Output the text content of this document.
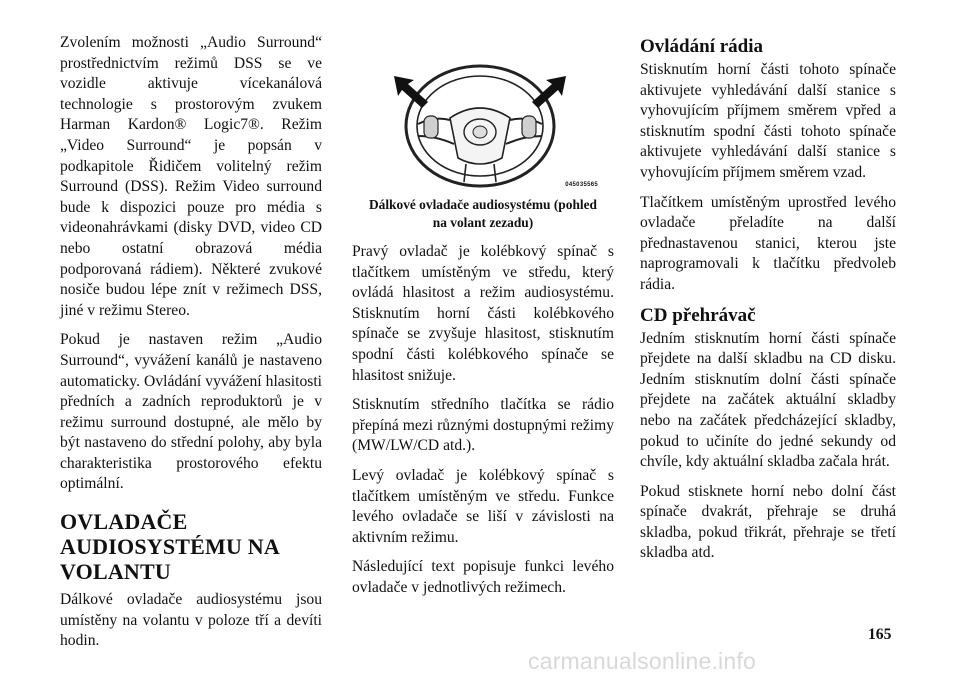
Zvolením možnosti „Audio Surround“ prostřednictvím režimů DSS se ve vozidle aktivuje vícekanálová technologie s prostorovým zvukem Harman Kardon® Logic7®. Režim „Video Surround“ je popsán v podkapitole Řidičem volitelný režim Surround (DSS). Režim Video surround bude k dispozici pouze pro média s videonahrávkami (disky DVD, video CD nebo ostatní obrazová média podporovaná rádiem). Některé zvukové nosiče budou lépe znít v režimech DSS, jiné v režimu Stereo.

Pokud je nastaven režim „Audio Surround“, vyvážení kanálů je nastaveno automaticky. Ovládání vyvážení hlasitosti předních a zadních reproduktorů je v režimu surround dostupné, ale mělo by být nastaveno do střední polohy, aby byla charakteristika prostorového efektu optimální.

OVLADAČE
AUDIOSYSTÉMU NA
VOLANTU

Dálkové ovladače audiosystému jsou umístěny na volantu v poloze tří a devíti hodin.

045035565
Dálkové ovladače audiosystému (pohled
na volant zezadu)

Pravý ovladač je kolébkový spínač s tlačítkem umístěným ve středu, který ovládá hlasitost a režim audiosystému. Stisknutím horní části kolébkového spínače se zvyšuje hlasitost, stisknutím spodní části kolébkového spínače se hlasitost snižuje.

Stisknutím středního tlačítka se rádio přepíná mezi různými dostupnými režimy (MW/LW/CD atd.).

Levý ovladač je kolébkový spínač s tlačítkem umístěným ve středu. Funkce levého ovladače se liší v závislosti na aktivním režimu.

Následující text popisuje funkci levého ovladače v jednotlivých režimech.

Ovládání rádia

Stisknutím horní části tohoto spínače aktivujete vyhledávání další stanice s vyhovujícím příjmem směrem vpřed a stisknutím spodní části tohoto spínače aktivujete vyhledávání další stanice s vyhovujícím příjmem směrem vzad.

Tlačítkem umístěným uprostřed levého ovladače přeladíte na další přednastavenou stanici, kterou jste naprogramovali k tlačítku předvoleb rádia.

CD přehrávač

Jedním stisknutím horní části spínače přejdete na další skladbu na CD disku. Jedním stisknutím dolní části spínače přejdete na začátek aktuální skladby nebo na začátek předcházející skladby, pokud to učiníte do jedné sekundy od chvíle, kdy aktuální skladba začala hrát.

Pokud stisknete horní nebo dolní část spínače dvakrát, přehraje se druhá skladba, pokud třikrát, přehraje se třetí skladba atd.

165
carmanualsonline.info
